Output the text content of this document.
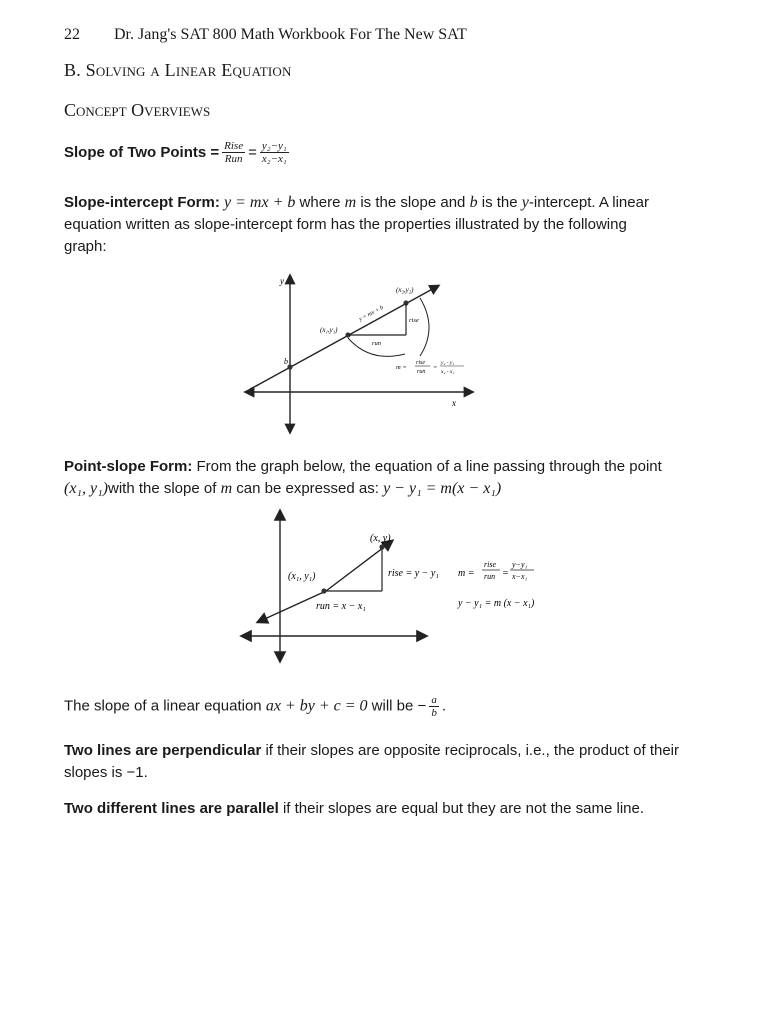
22 Dr. Jang's SAT 800 Math Workbook For The New SAT
B. Solving a Linear Equation
Concept Overviews
Slope of Two Points = $\frac{\text{Rise}}{\text{Run}} = \frac{\text{y₂−y₁}}{\text{x₂−x₁}}$
Slope-intercept Form: y = mx + b where m is the slope and b is the y-intercept. A linear equation written as slope-intercept form has the properties illustrated by the following graph:
y
x
b
(x₁,y₁)
(x₂,y₂)
y = mx + b	rise
run
m =
rise
run
=
y₂ - y₁
x₂ - x₁
Point-slope Form: From the graph below, the equation of a line passing through the point (x₁, y₁)with the slope of m can be expressed as: y − y₁ = m(x − x₁)
(x, y)
(x₁, y₁)	rise = y − y₁
run = x − x₁
m =
rise
run =
y−y₁
x−x₁
y − y₁ = m (x − x₁)
The slope of a linear equation ax + by + c = 0 will be − $\frac{a}{b}$ .
Two lines are perpendicular if their slopes are opposite reciprocals, i.e., the product of their slopes is −1.
Two different lines are parallel if their slopes are equal but they are not the same line.
